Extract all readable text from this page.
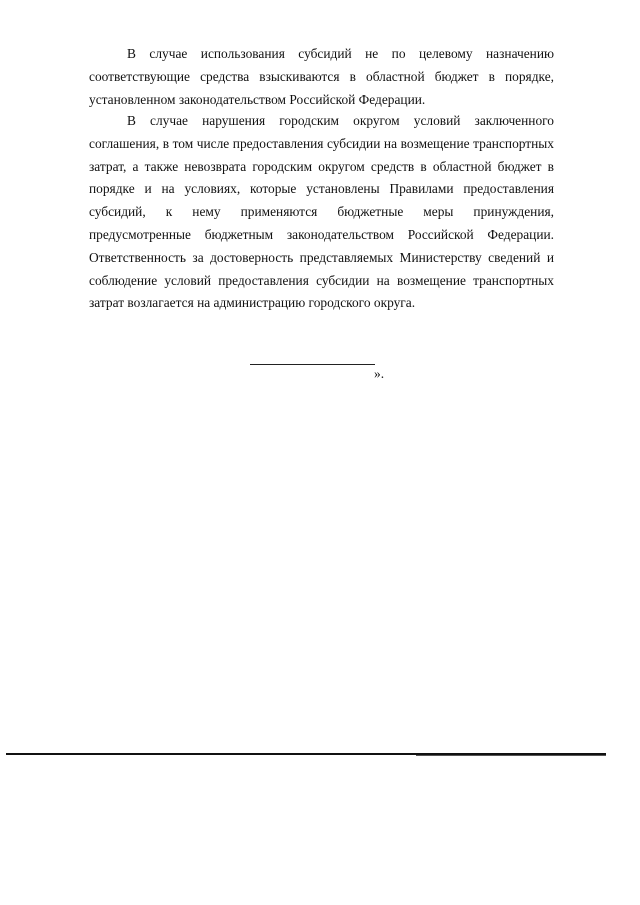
В случае использования субсидий не по целевому назначению соответствующие средства взыскиваются в областной бюджет в порядке, установленном законодательством Российской Федерации.

В случае нарушения городским округом условий заключенного соглашения, в том числе предоставления субсидии на возмещение транспортных затрат, а также невозврата городским округом средств в областной бюджет в порядке и на условиях, которые установлены Правилами предоставления субсидий, к нему применяются бюджетные меры принуждения, предусмотренные бюджетным законодательством Российской Федерации. Ответственность за достоверность представляемых Министерству сведений и соблюдение условий предоставления субсидии на возмещение транспортных затрат возлагается на администрацию городского округа.

».
